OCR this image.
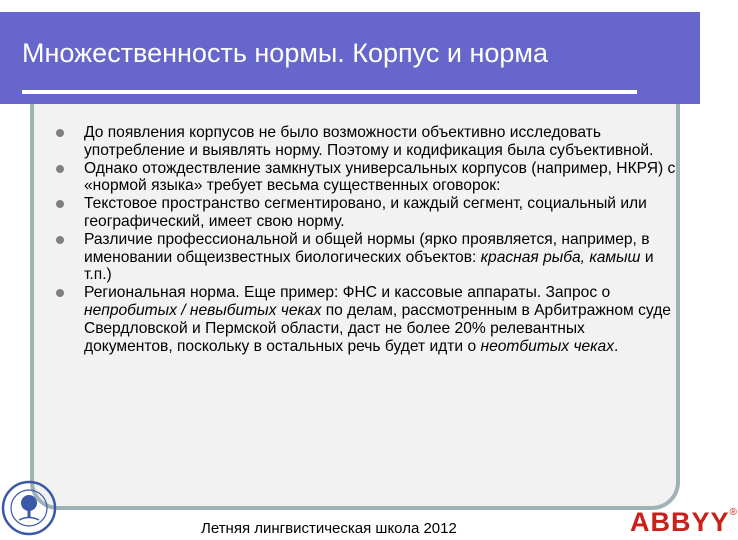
Множественность нормы. Корпус и норма
До появления корпусов не было возможности объективно исследовать употребление и выявлять норму. Поэтому и кодификация была субъективной.
Однако отождествление замкнутых универсальных корпусов (например, НКРЯ) с «нормой языка» требует весьма существенных оговорок:
Текстовое пространство сегментировано, и каждый сегмент, социальный или географический, имеет свою норму.
Различие профессиональной и общей нормы (ярко проявляется, например, в именовании общеизвестных биологических объектов: красная рыба, камыш и т.п.)
Региональная норма. Еще пример: ФНС и кассовые аппараты. Запрос о непробитых / невыбитых чеках по делам, рассмотренным в Арбитражном суде Свердловской и Пермской области, даст не более 20% релевантных документов, поскольку в остальных речь будет идти о неотбитых чеках.
Летняя лингвистическая школа 2012	ABBYY®
